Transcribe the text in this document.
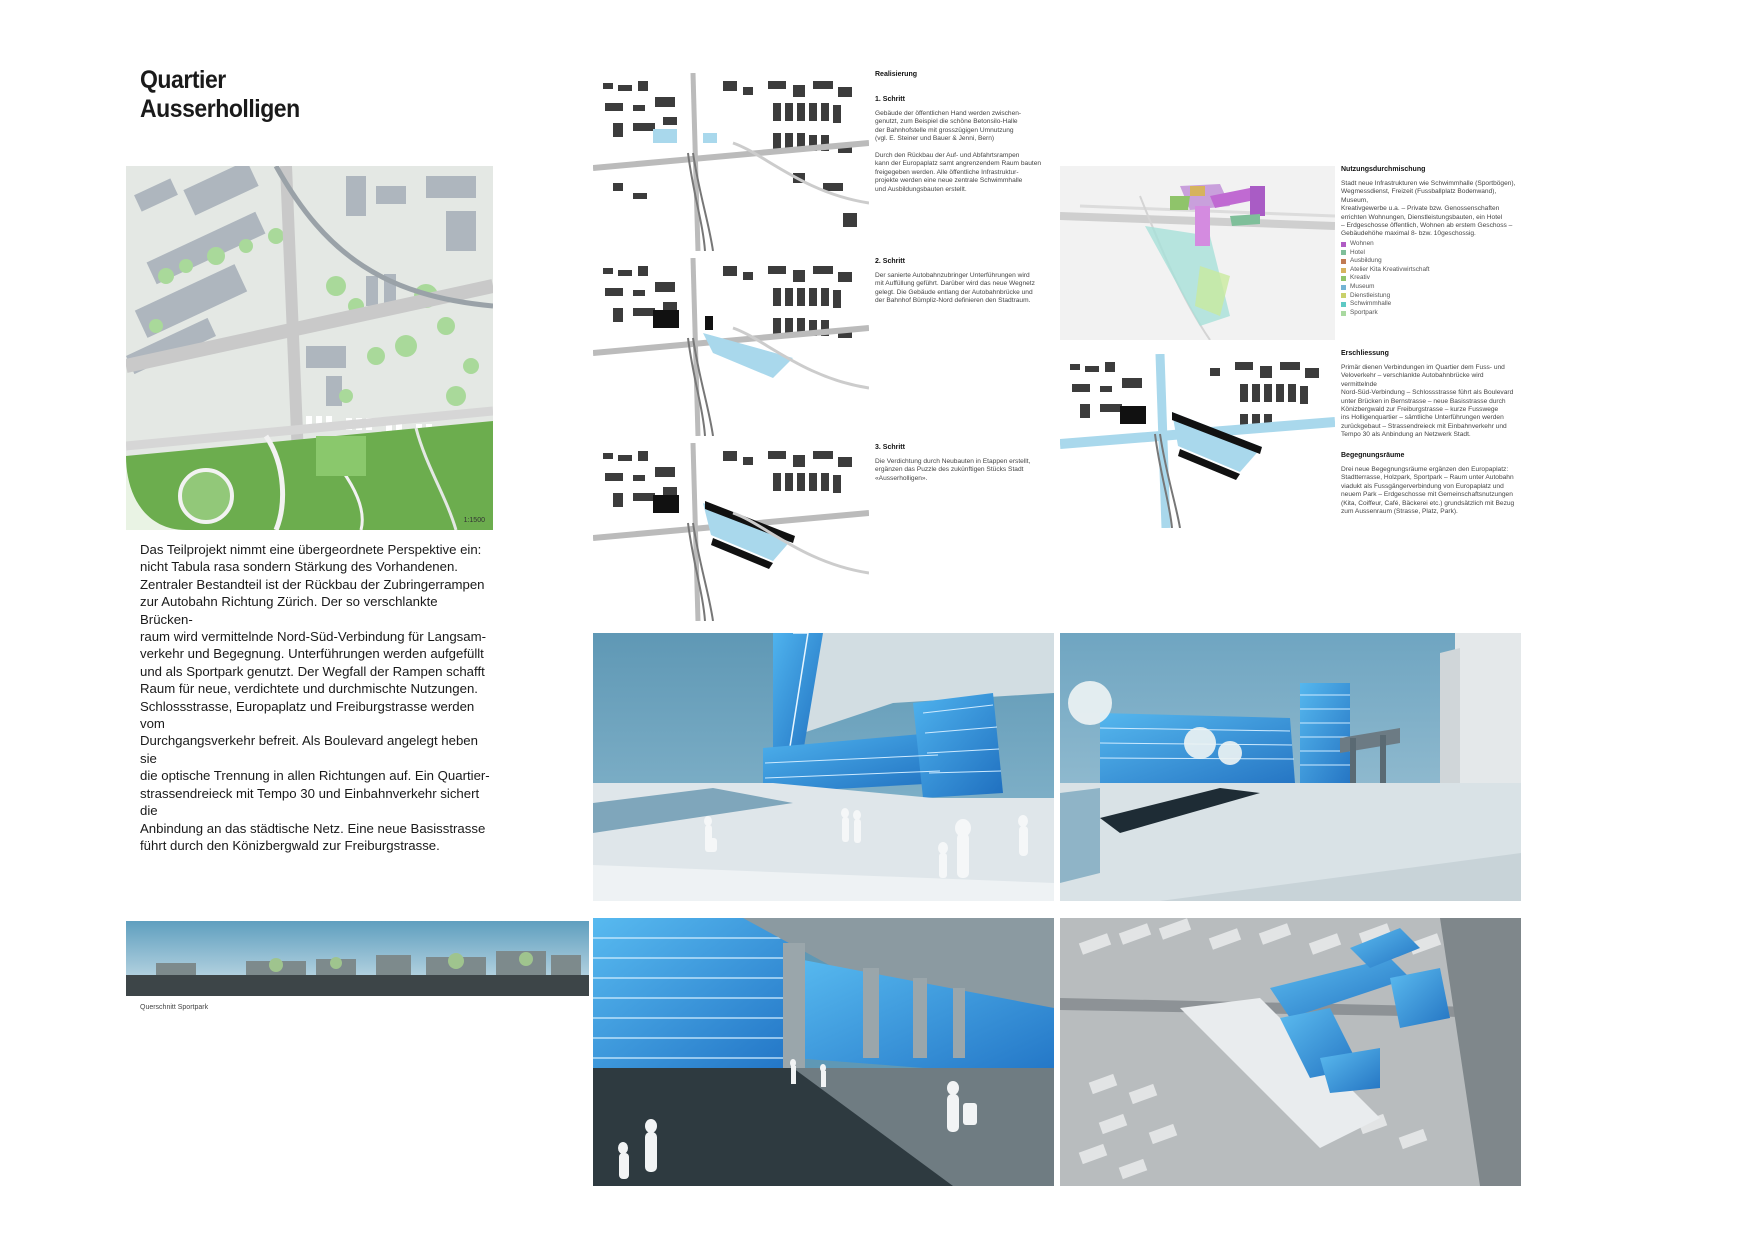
Quartier
Ausserholligen
1:1500

Das Teilprojekt nimmt eine übergeordnete Perspektive ein:

nicht Tabula rasa sondern Stärkung des Vorhandenen.

Zentraler Bestandteil ist der Rückbau der Zubringerrampen

zur Autobahn Richtung Zürich. Der so verschlankte Brücken-

raum wird vermittelnde Nord-Süd-Verbindung für Langsam-

verkehr und Begegnung. Unterführungen werden aufgefüllt

und als Sportpark genutzt. Der Wegfall der Rampen schafft

Raum für neue, verdichtete und durchmischte Nutzungen.

Schlossstrasse, Europaplatz und Freiburgstrasse werden vom

Durchgangsverkehr befreit. Als Boulevard angelegt heben sie

die optische Trennung in allen Richtungen auf. Ein Quartier-

strassendreieck mit Tempo 30 und Einbahnverkehr sichert die

Anbindung an das städtische Netz. Eine neue Basisstrasse

führt durch den Könizbergwald zur Freiburgstrasse.

Querschnitt Sportpark
Realisierung
1. Schritt
Gebäude der öffentlichen Hand werden zwischen-
genutzt, zum Beispiel die schöne Betonsilo-Halle
der Bahnhofstelle mit grosszügigen Umnutzung
(vgl. E. Steiner und Bauer & Jenni, Bern)

Durch den Rückbau der Auf- und Abfahrtsrampen
kann der Europaplatz samt angrenzendem Raum bauten
freigegeben werden. Alle öffentliche Infrastruktur-
projekte werden eine neue zentrale Schwimmhalle
und Ausbildungsbauten erstellt.
2. Schritt
Der sanierte Autobahnzubringer Unterführungen wird
mit Auffüllung geführt. Darüber wird das neue Wegnetz
gelegt. Die Gebäude entlang der Autobahnbrücke und
der Bahnhof Bümpliz-Nord definieren den Stadtraum.
3. Schritt
Die Verdichtung durch Neubauten in Etappen erstellt,
ergänzen das Puzzle des zukünftigen Stücks Stadt
«Ausserholligen».
Nutzungsdurchmischung
Stadt neue Infrastrukturen wie Schwimmhalle (Sportbögen),
Wegmessdienst, Freizeit (Fussballplatz Bodenwand), Museum,
Kreativgewerbe u.a. – Private bzw. Genossenschaften
errichten Wohnungen, Dienstleistungsbauten, ein Hotel
– Erdgeschosse öffentlich, Wohnen ab erstem Geschoss –
Gebäudehöhe maximal 8- bzw. 10geschossig.
Wohnen
Hotel
Ausbildung
Atelier Kita Kreativwirtschaft
Kreativ
Museum
Dienstleistung
Schwimmhalle
Sportpark
Erschliessung
Primär dienen Verbindungen im Quartier dem Fuss- und
Veloverkehr – verschlankte Autobahnbrücke wird vermittelnde
Nord-Süd-Verbindung – Schlossstrasse führt als Boulevard
unter Brücken in Bernstrasse – neue Basisstrasse durch
Könizbergwald zur Freiburgstrasse – kurze Fusswege
ins Holligenquartier – sämtliche Unterführungen werden
zurückgebaut – Strassendreieck mit Einbahnverkehr und
Tempo 30 als Anbindung an Netzwerk Stadt.
Begegnungsräume
Drei neue Begegnungsräume ergänzen den Europaplatz:
Stadtterrasse, Holzpark, Sportpark – Raum unter Autobahn
viadukt als Fussgängerverbindung von Europaplatz und
neuem Park – Erdgeschosse mit Gemeinschaftsnutzungen
(Kita, Coiffeur, Café, Bäckerei etc.) grundsätzlich mit Bezug
zum Aussenraum (Strasse, Platz, Park).
